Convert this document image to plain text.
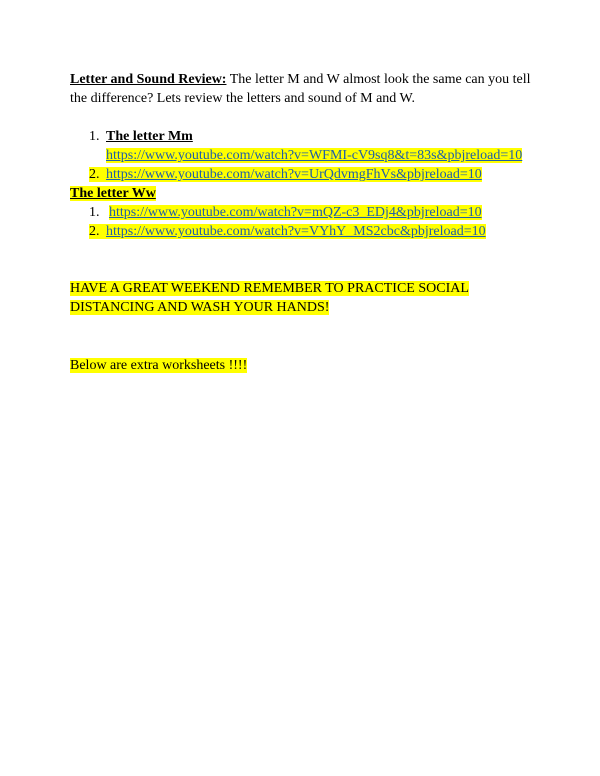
Letter and Sound Review: The letter M and W almost look the same can you tell
the difference? Lets review the letters and sound of M and W.
1. The letter Mm
https://www.youtube.com/watch?v=WFMI-cV9sq8&t=83s&pbjreload=10
2. https://www.youtube.com/watch?v=UrQdvmgFhVs&pbjreload=10
The letter Ww
1. https://www.youtube.com/watch?v=mQZ-c3_EDj4&pbjreload=10
2. https://www.youtube.com/watch?v=VYhY_MS2cbc&pbjreload=10
HAVE A GREAT WEEKEND REMEMBER TO PRACTICE SOCIAL
DISTANCING AND WASH YOUR HANDS!
Below are extra worksheets !!!!
